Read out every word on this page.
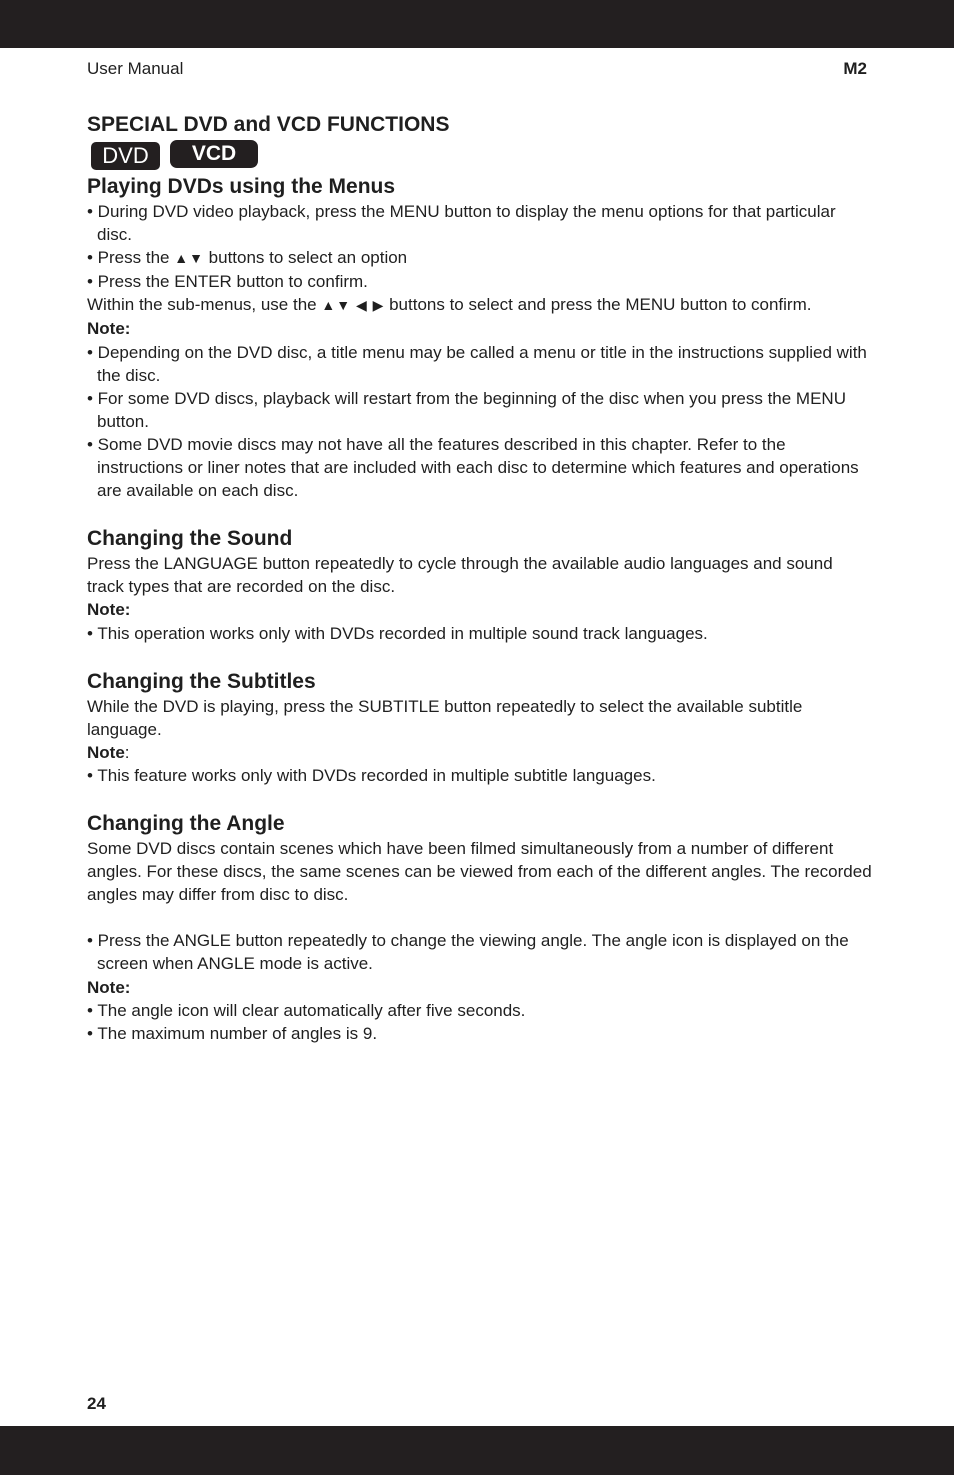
User Manual	M2
SPECIAL DVD and VCD FUNCTIONS
DVD	VCD
Playing DVDs using the Menus

• During DVD video playback, press the MENU button to display the menu options for that particular disc.

• Press the ▲▼ buttons to select an option

• Press the ENTER button to confirm.

Within the sub-menus, use the ▲▼ ◀ ▶ buttons to select and press the MENU button to confirm.

Note:

• Depending on the DVD disc, a title menu may be called a menu or title in the instructions supplied with the disc.

• For some DVD discs, playback will restart from the beginning of the disc when you press the MENU button.

• Some DVD movie discs may not have all the features described in this chapter. Refer to the instructions or liner notes that are included with each disc to determine which features and operations are available on each disc.

Changing the Sound

Press the LANGUAGE button repeatedly to cycle through the available audio languages and sound track types that are recorded on the disc.

Note:

• This operation works only with DVDs recorded in multiple sound track languages.

Changing the Subtitles

While the DVD is playing, press the SUBTITLE button repeatedly to select the available subtitle language.

Note:

• This feature works only with DVDs recorded in multiple subtitle languages.

Changing the Angle

Some DVD discs contain scenes which have been filmed simultaneously from a number of different angles. For these discs, the same scenes can be viewed from each of the different angles. The recorded angles may differ from disc to disc.

• Press the ANGLE button repeatedly to change the viewing angle. The angle icon is displayed on the screen when ANGLE mode is active.

Note:

• The angle icon will clear automatically after five seconds.

• The maximum number of angles is 9.

24
